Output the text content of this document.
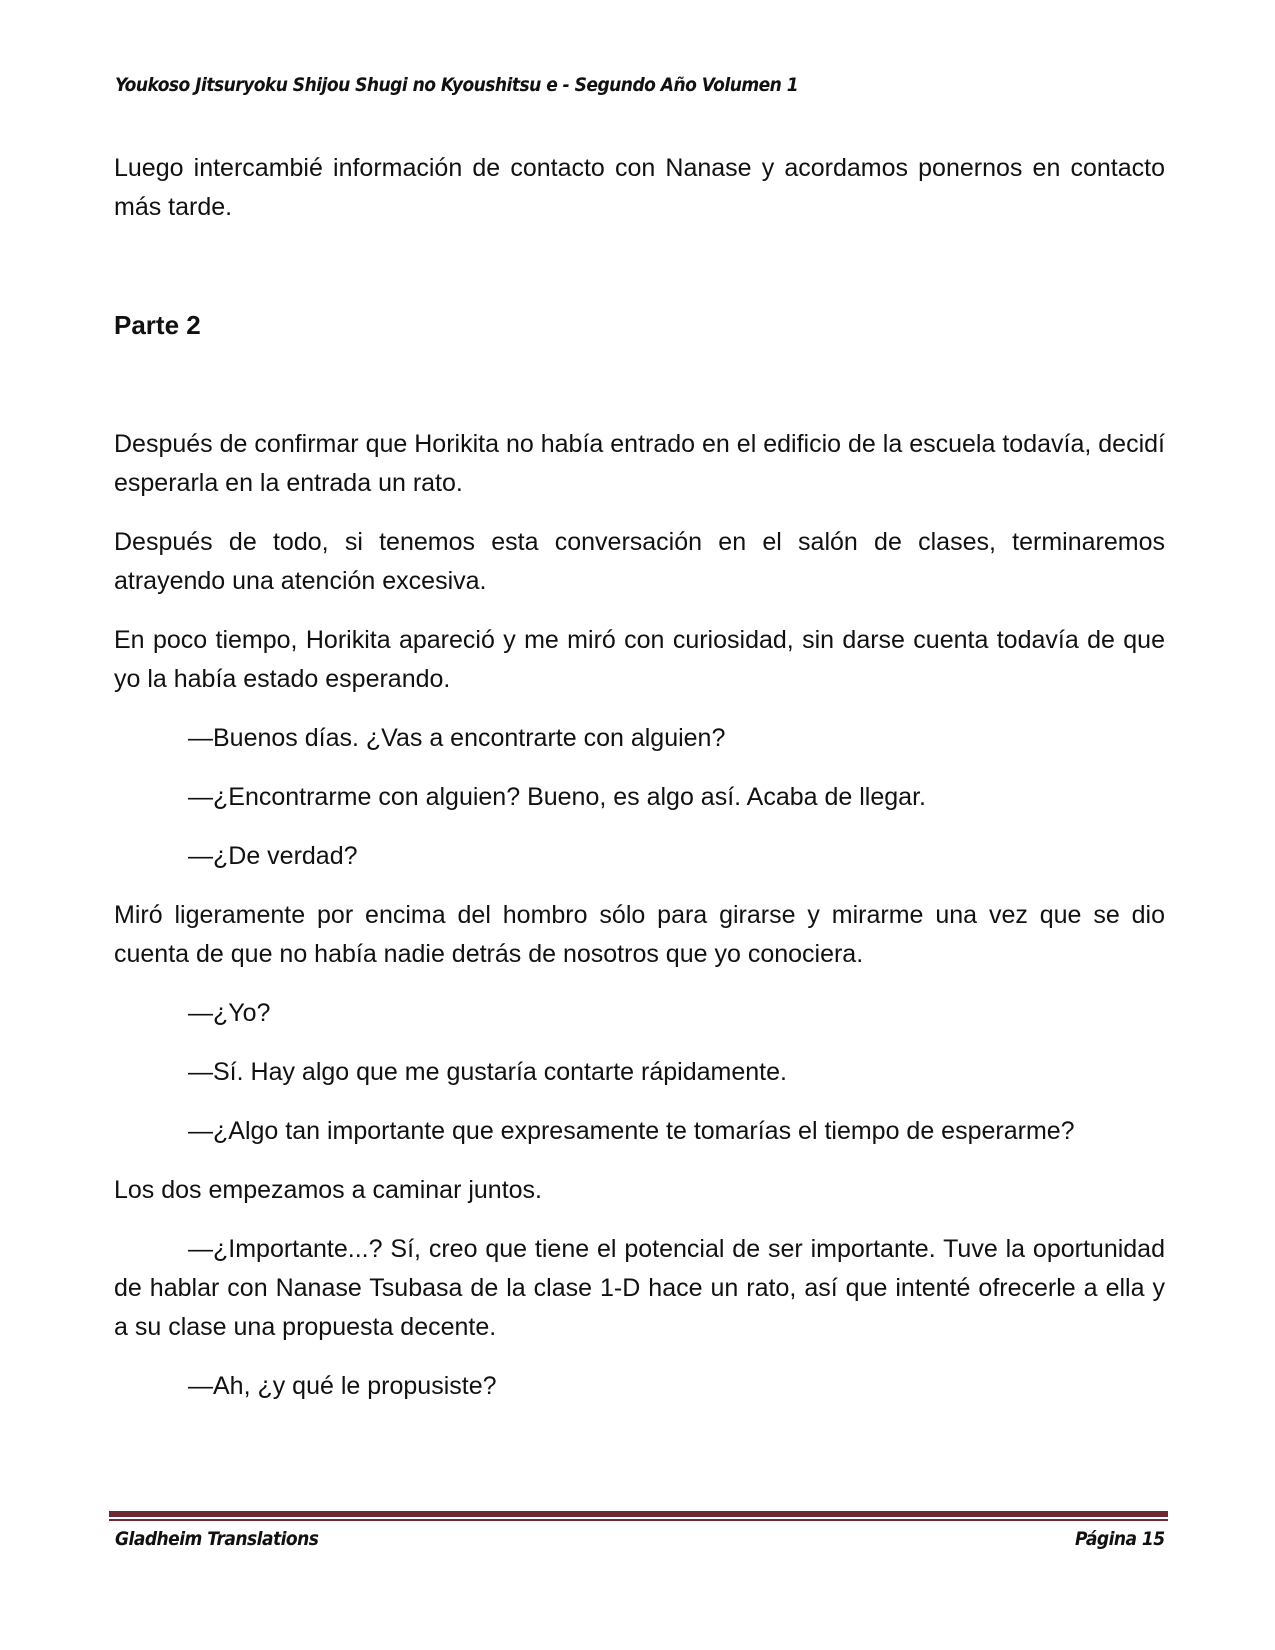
Youkoso Jitsuryoku Shijou Shugi no Kyoushitsu e - Segundo Año Volumen 1

Luego intercambié información de contacto con Nanase y acordamos ponernos en contacto más tarde.

Parte 2

Después de confirmar que Horikita no había entrado en el edificio de la escuela todavía, decidí esperarla en la entrada un rato.

Después de todo, si tenemos esta conversación en el salón de clases, terminaremos atrayendo una atención excesiva.

En poco tiempo, Horikita apareció y me miró con curiosidad, sin darse cuenta todavía de que yo la había estado esperando.

—Buenos días. ¿Vas a encontrarte con alguien?

—¿Encontrarme con alguien? Bueno, es algo así. Acaba de llegar.

—¿De verdad?

Miró ligeramente por encima del hombro sólo para girarse y mirarme una vez que se dio cuenta de que no había nadie detrás de nosotros que yo conociera.

—¿Yo?

—Sí. Hay algo que me gustaría contarte rápidamente.

—¿Algo tan importante que expresamente te tomarías el tiempo de esperarme?

Los dos empezamos a caminar juntos.

—¿Importante...? Sí, creo que tiene el potencial de ser importante. Tuve la oportunidad de hablar con Nanase Tsubasa de la clase 1-D hace un rato, así que intenté ofrecerle a ella y a su clase una propuesta decente.

—Ah, ¿y qué le propusiste?

Gladheim Translations	Página 15
